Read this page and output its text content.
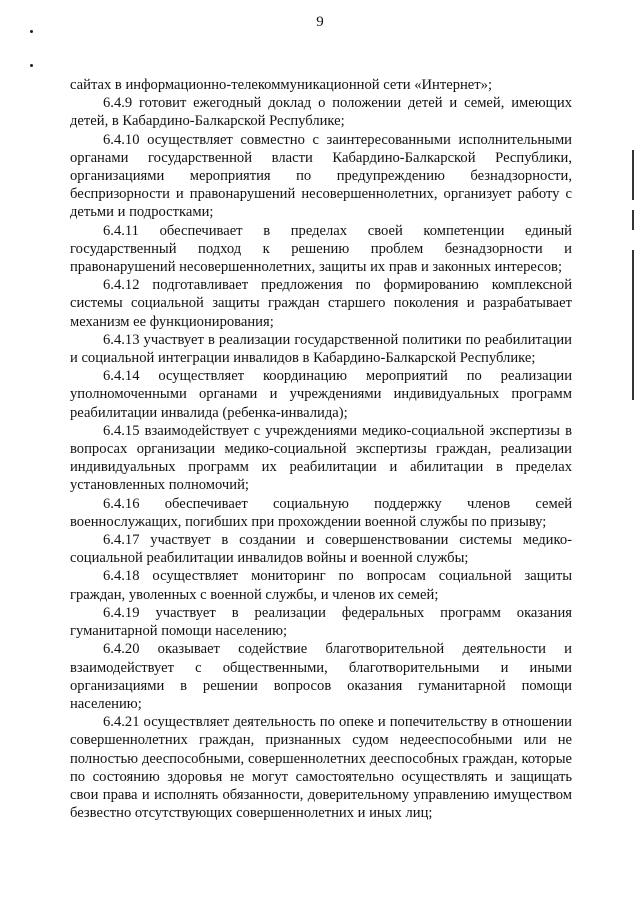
9

сайтах в информационно-телекоммуникационной сети «Интернет»;

6.4.9 готовит ежегодный доклад о положении детей и семей, имеющих детей, в Кабардино-Балкарской Республике;

6.4.10 осуществляет совместно с заинтересованными исполнительными органами государственной власти Кабардино-Балкарской Республики, организациями мероприятия по предупреждению безнадзорности, беспризорности и правонарушений несовершеннолетних, организует работу с детьми и подростками;

6.4.11 обеспечивает в пределах своей компетенции единый государственный подход к решению проблем безнадзорности и правонарушений несовершеннолетних, защиты их прав и законных интересов;

6.4.12 подготавливает предложения по формированию комплексной системы социальной защиты граждан старшего поколения и разрабатывает механизм ее функционирования;

6.4.13 участвует в реализации государственной политики по реабилитации и социальной интеграции инвалидов в Кабардино-Балкарской Республике;

6.4.14 осуществляет координацию мероприятий по реализации уполномоченными органами и учреждениями индивидуальных программ реабилитации инвалида (ребенка-инвалида);

6.4.15 взаимодействует с учреждениями медико-социальной экспертизы в вопросах организации медико-социальной экспертизы граждан, реализации индивидуальных программ их реабилитации и абилитации в пределах установленных полномочий;

6.4.16 обеспечивает социальную поддержку членов семей военнослужащих, погибших при прохождении военной службы по призыву;

6.4.17 участвует в создании и совершенствовании системы медико-социальной реабилитации инвалидов войны и военной службы;

6.4.18 осуществляет мониторинг по вопросам социальной защиты граждан, уволенных с военной службы, и членов их семей;

6.4.19 участвует в реализации федеральных программ оказания гуманитарной помощи населению;

6.4.20 оказывает содействие благотворительной деятельности и взаимодействует с общественными, благотворительными и иными организациями в решении вопросов оказания гуманитарной помощи населению;

6.4.21 осуществляет деятельность по опеке и попечительству в отношении совершеннолетних граждан, признанных судом недееспособными или не полностью дееспособными, совершеннолетних дееспособных граждан, которые по состоянию здоровья не могут самостоятельно осуществлять и защищать свои права и исполнять обязанности, доверительному управлению имуществом безвестно отсутствующих совершеннолетних и иных лиц;
